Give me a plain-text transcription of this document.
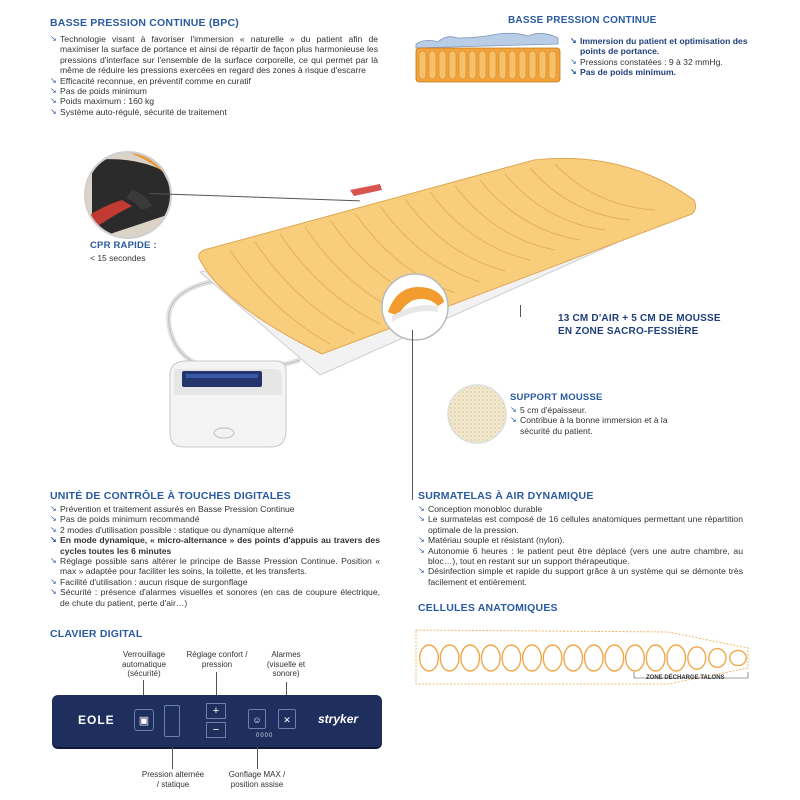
BASSE PRESSION CONTINUE (BPC)
↘ Technologie visant à favoriser l'immersion « naturelle » du patient afin de maximiser la surface de portance et ainsi de répartir de façon plus harmonieuse les pressions d'interface sur l'ensemble de la surface corporelle, ce qui permet par là même de réduire les pressions exercées en regard des zones à risque d'escarre
↘ Efficacité reconnue, en préventif comme en curatif
↘ Pas de poids minimum
↘ Poids maximum : 160 kg
↘ Système auto-régulé, sécurité de traitement
BASSE PRESSION CONTINUE
↘ Immersion du patient et optimisation des points de portance.
↘ Pressions constatées : 9 à 32 mmHg.
↘ Pas de poids minimum.
CPR RAPIDE :
< 15 secondes
13 CM D'AIR + 5 CM DE MOUSSE
EN ZONE SACRO-FESSIÈRE
SUPPORT MOUSSE
↘ 5 cm d'épaisseur.
↘ Contribue à la bonne immersion et à la sécurité du patient.
UNITÉ DE CONTRÔLE À TOUCHES DIGITALES
↘ Prévention et traitement assurés en Basse Pression Continue
↘ Pas de poids minimum recommandé
↘ 2 modes d'utilisation possible : statique ou dynamique alterné
↘ En mode dynamique, « micro-alternance » des points d'appuis au travers des cycles toutes les 6 minutes
↘ Réglage possible sans altérer le principe de Basse Pression Continue. Position « max » adaptée pour faciliter les soins, la toilette, et les transferts.
↘ Facilité d'utilisation : aucun risque de surgonflage
↘ Sécurité : présence d'alarmes visuelles et sonores (en cas de coupure électrique, de chute du patient, perte d'air…)
SURMATELAS À AIR DYNAMIQUE
↘ Conception monobloc durable
↘ Le surmatelas est composé de 16 cellules anatomiques permettant une répartition optimale de la pression.
↘ Matériau souple et résistant (nylon).
↘ Autonomie 6 heures : le patient peut être déplacé (vers une autre chambre, au bloc…), tout en restant sur un support thérapeutique.
↘ Désinfection simple et rapide du support grâce à un système qui se démonte très facilement et entièrement.
CELLULES ANATOMIQUES
ZONE DÉCHARGE TALONS
CLAVIER DIGITAL
Verrouillage automatique (sécurité)
Réglage confort / pression
Alarmes (visuelle et sonore)
EOLE	▣
+
−
☺	✕
0000
stryker
Pression alternée / statique
Gonflage MAX / position assise
